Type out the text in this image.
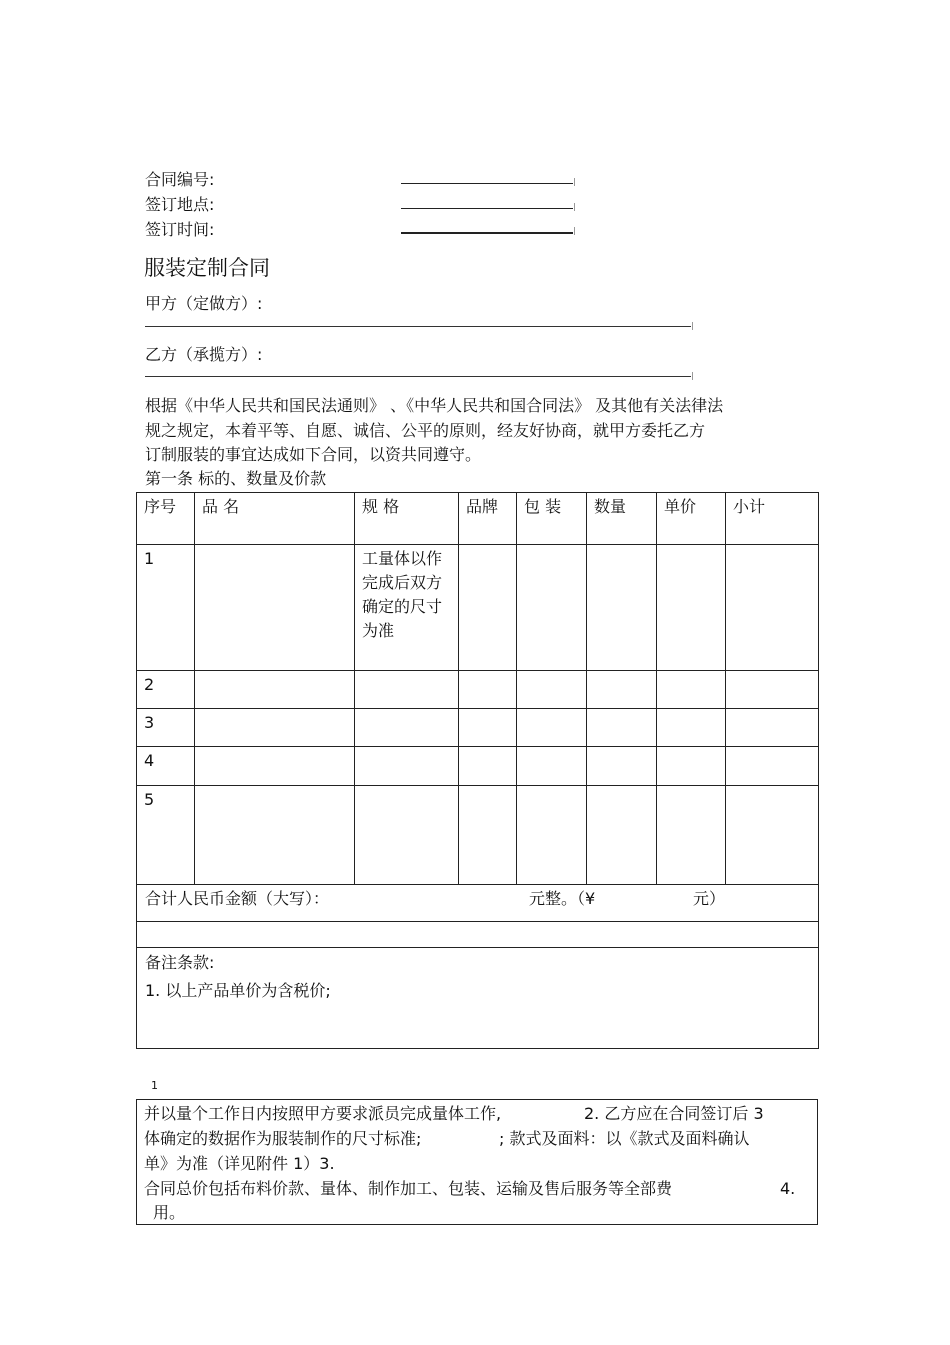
合同编号:
签订地点:
签订时间:
服装定制合同
甲方（定做方）:
乙方（承揽方）:
根据《中华人民共和国民法通则》 、《中华人民共和国合同法》 及其他有关法律法
规之规定，本着平等、自愿、诚信、公平的原则，经友好协商，就甲方委托乙方
订制服装的事宜达成如下合同，以资共同遵守。
第一条 标的、数量及价款
序号	品 名	规 格	品牌	包 装	数量	单价	小计
1		工量体以作完成后双方确定的尺寸为准					

2							
3							
4							
5							
合计人民币金额（大写）： 元整。（¥ 元）							

备注条款:
1. 以上产品单价为含税价;							
1
并以量个工作日内按照甲方要求派员完成量体工作,	2. 乙方应在合同签订后 3
体确定的数据作为服装制作的尺寸标准;	; 款式及面料：以《款式及面料确认
单》为准（详见附件 1）3.
合同总价包括布料价款、量体、制作加工、包装、运输及售后服务等全部费	4.
用。
